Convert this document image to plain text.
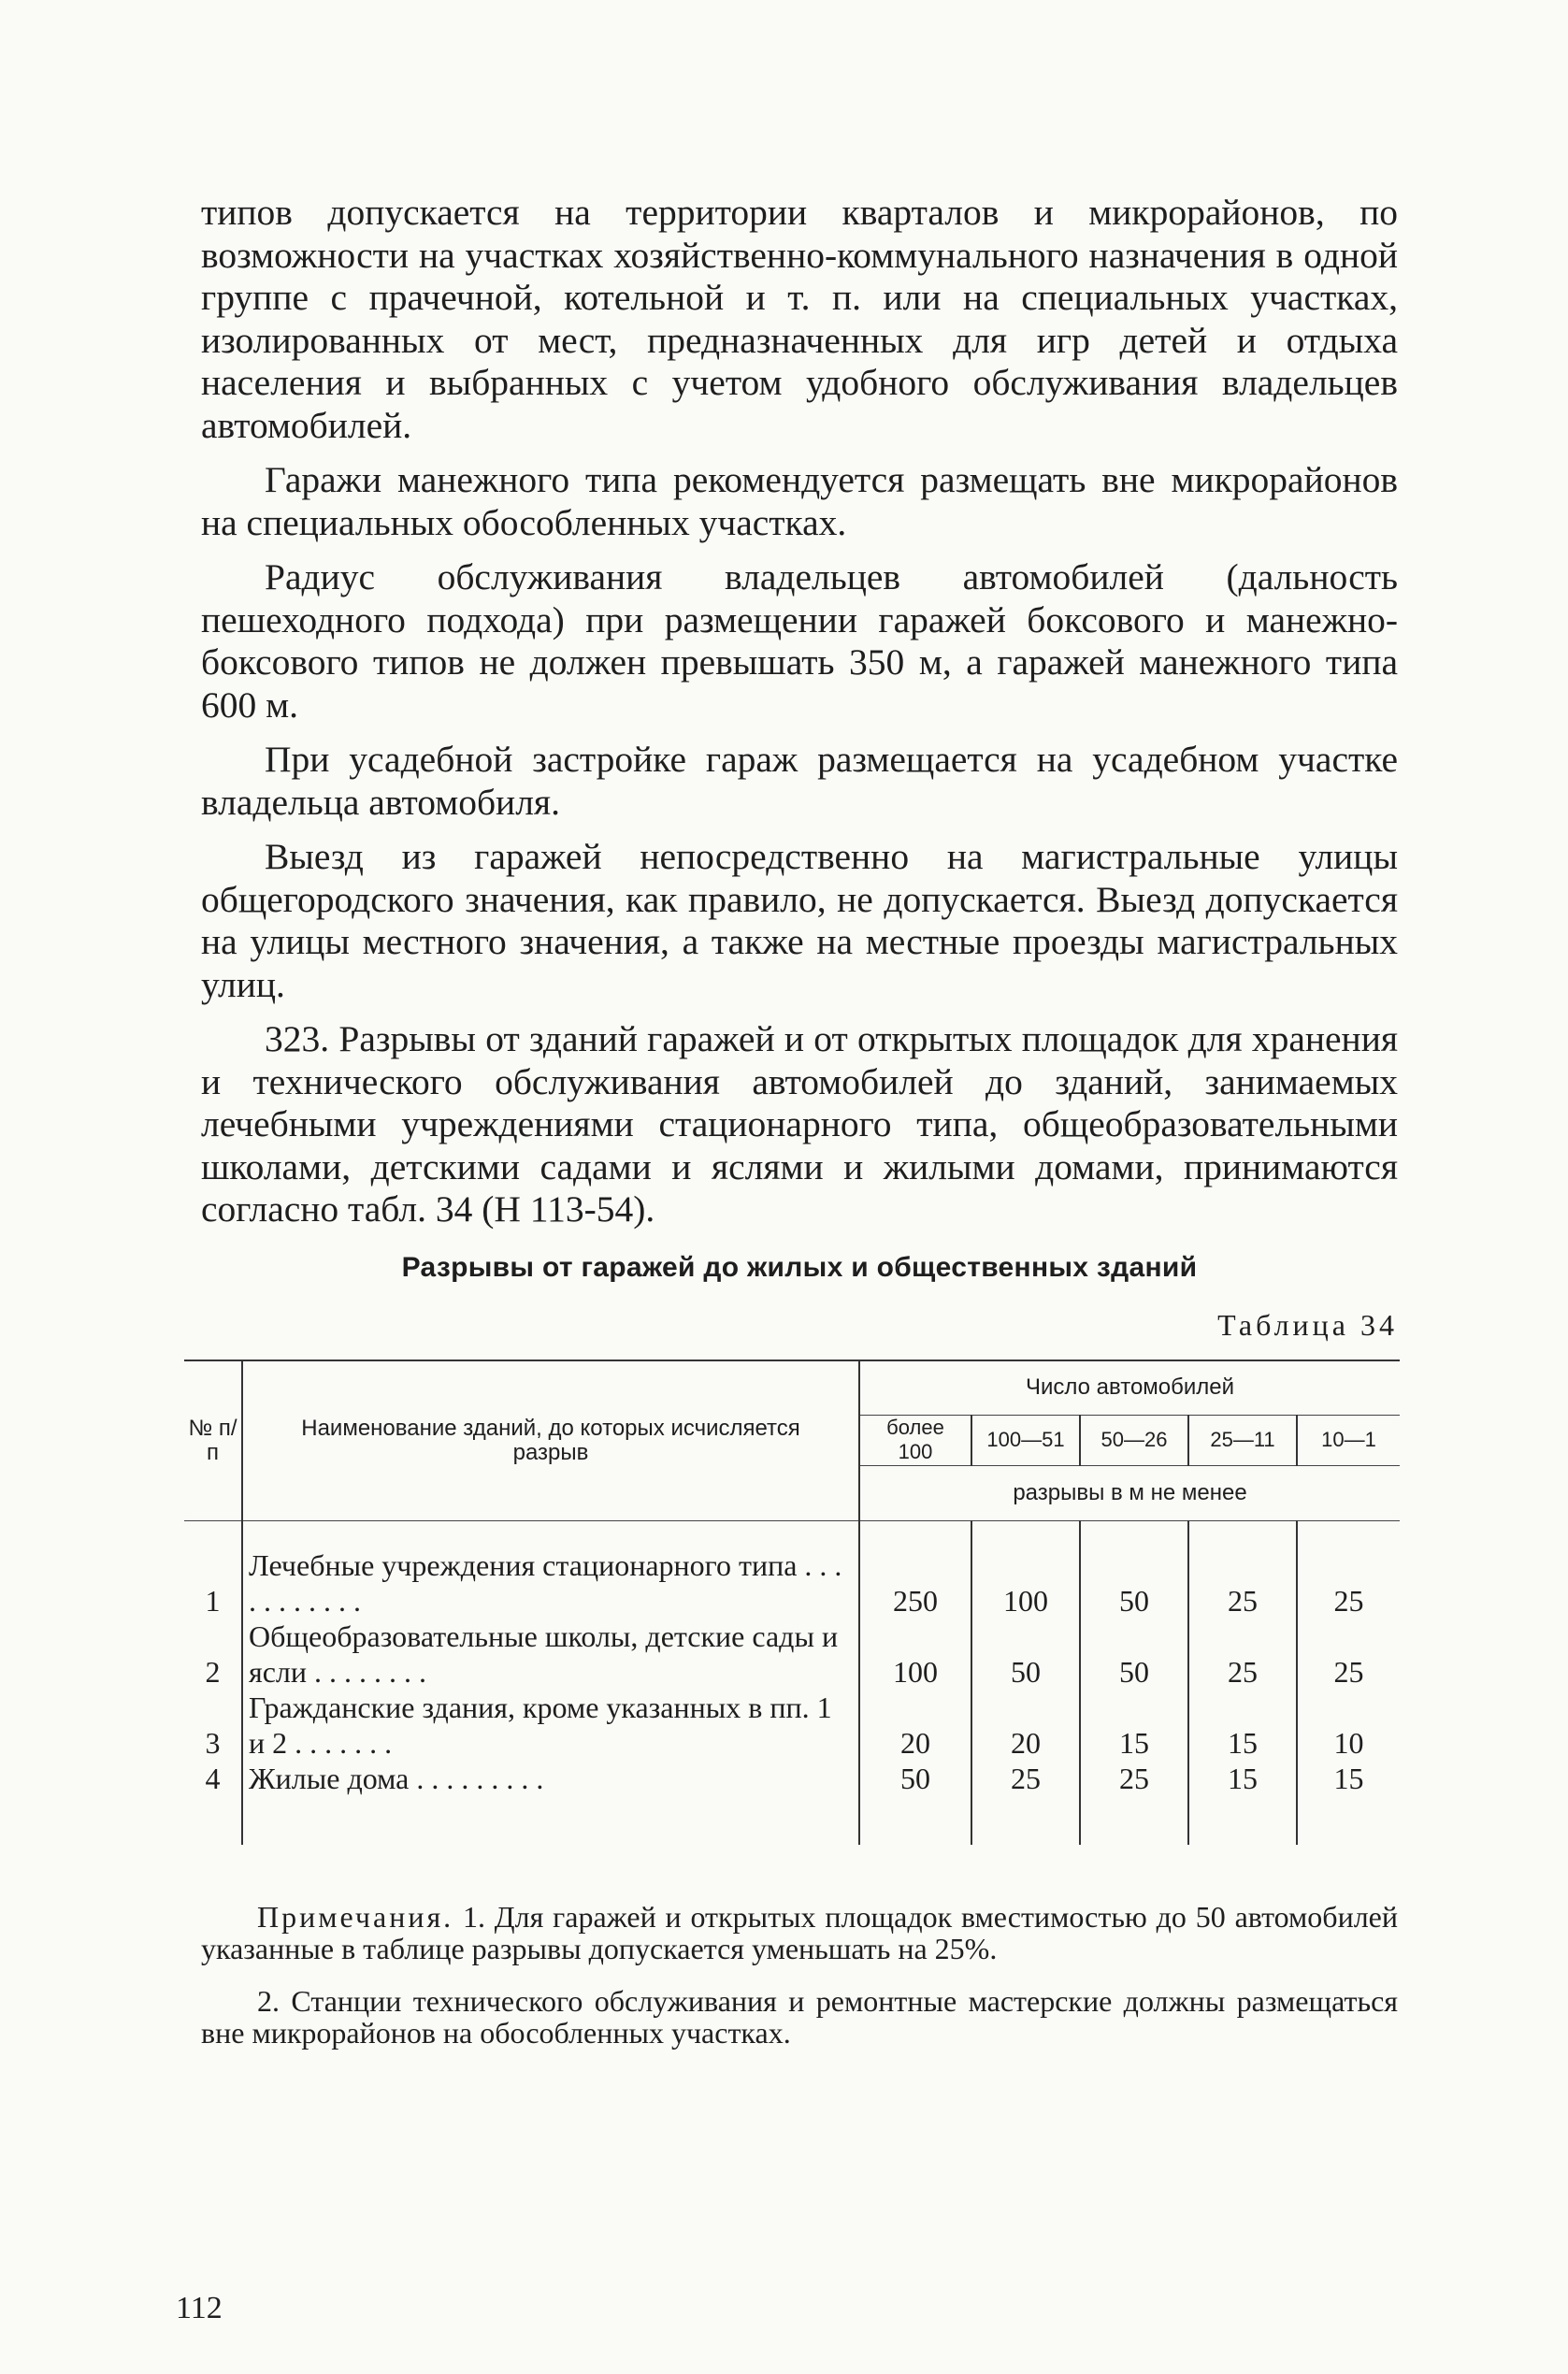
типов допускается на территории кварталов и микрорайонов, по возможности на участках хозяйственно-коммунального назначения в одной группе с прачечной, котельной и т. п. или на специальных участках, изолированных от мест, предназначенных для игр детей и отдыха населения и выбранных с учетом удобного обслуживания владельцев автомобилей.

Гаражи манежного типа рекомендуется размещать вне микрорайонов на специальных обособленных участках.

Радиус обслуживания владельцев автомобилей (дальность пешеходного подхода) при размещении гаражей боксового и манежно-боксового типов не должен превышать 350 м, а гаражей манежного типа 600 м.

При усадебной застройке гараж размещается на усадебном участке владельца автомобиля.

Выезд из гаражей непосредственно на магистральные улицы общегородского значения, как правило, не допускается. Выезд допускается на улицы местного значения, а также на местные проезды магистральных улиц.

323. Разрывы от зданий гаражей и от открытых площадок для хранения и технического обслуживания автомобилей до зданий, занимаемых лечебными учреждениями стационарного типа, общеобразовательными школами, детскими садами и яслями и жилыми домами, принимаются согласно табл. 34 (Н 113-54).

Разрывы от гаражей до жилых и общественных зданий
Таблица 34
№ п/п	Наименование зданий, до которых исчисляется разрыв	Число автомобилей				
		более 100	100—51	50—26	25—11	10—1
		разрывы в м не менее				
1	Лечебные учреждения стационарного типа . . . . . . . . . . .	250	100	50	25	25
2	Общеобразовательные школы, детские сады и ясли . . . . . . . .	100	50	50	25	25
3	Гражданские здания, кроме указанных в пп. 1 и 2 . . . . . . .	20	20	15	15	10
4	Жилые дома . . . . . . . . .	50	25	25	15	15

Примечания. 1. Для гаражей и открытых площадок вместимостью до 50 автомобилей указанные в таблице разрывы допускается уменьшать на 25%.

2. Станции технического обслуживания и ремонтные мастерские должны размещаться вне микрорайонов на обособленных участках.

112
